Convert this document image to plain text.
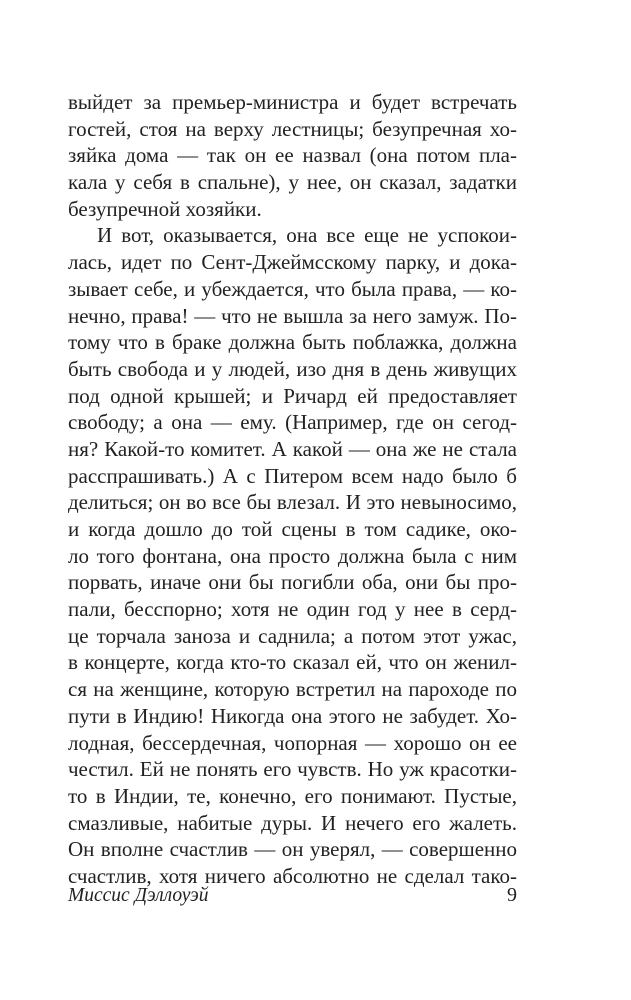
выйдет за премьер-министра и будет встречать
гостей, стоя на верху лестницы; безупречная хо-
зяйка дома — так он ее назвал (она потом пла-
кала у себя в спальне), у нее, он сказал, задатки
безупречной хозяйки.
И вот, оказывается, она все еще не успокои-
лась, идет по Сент-Джеймсскому парку, и дока-
зывает себе, и убеждается, что была права, — ко-
нечно, права! — что не вышла за него замуж. По-
тому что в браке должна быть поблажка, должна
быть свобода и у людей, изо дня в день живущих
под одной крышей; и Ричард ей предоставляет
свободу; а она — ему. (Например, где он сегод-
ня? Какой-то комитет. А какой — она же не стала
расспрашивать.) А с Питером всем надо было б
делиться; он во все бы влезал. И это невыносимо,
и когда дошло до той сцены в том садике, око-
ло того фонтана, она просто должна была с ним
порвать, иначе они бы погибли оба, они бы про-
пали, бесспорно; хотя не один год у нее в серд-
це торчала заноза и саднила; а потом этот ужас,
в концерте, когда кто-то сказал ей, что он женил-
ся на женщине, которую встретил на пароходе по
пути в Индию! Никогда она этого не забудет. Хо-
лодная, бессердечная, чопорная — хорошо он ее
честил. Ей не понять его чувств. Но уж красотки-
то в Индии, те, конечно, его понимают. Пустые,
смазливые, набитые дуры. И нечего его жалеть.
Он вполне счастлив — он уверял, — совершенно
счастлив, хотя ничего абсолютно не сделал тако-
Миссис Дэллоуэй	9
